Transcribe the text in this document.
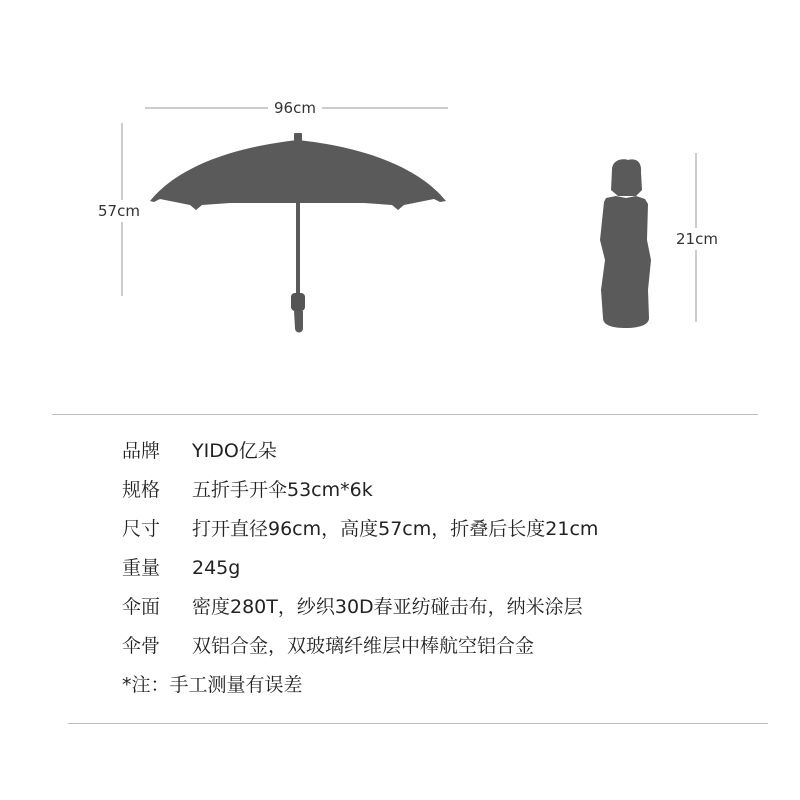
96cm
57cm
21cm
品牌	YIDO亿朵
规格	五折手开伞53cm*6k
尺寸	打开直径96cm，高度57cm，折叠后长度21cm
重量	245g
伞面	密度280T，纱织30D春亚纺碰击布，纳米涂层
伞骨	双铝合金，双玻璃纤维层中棒航空铝合金
*注：手工测量有误差
